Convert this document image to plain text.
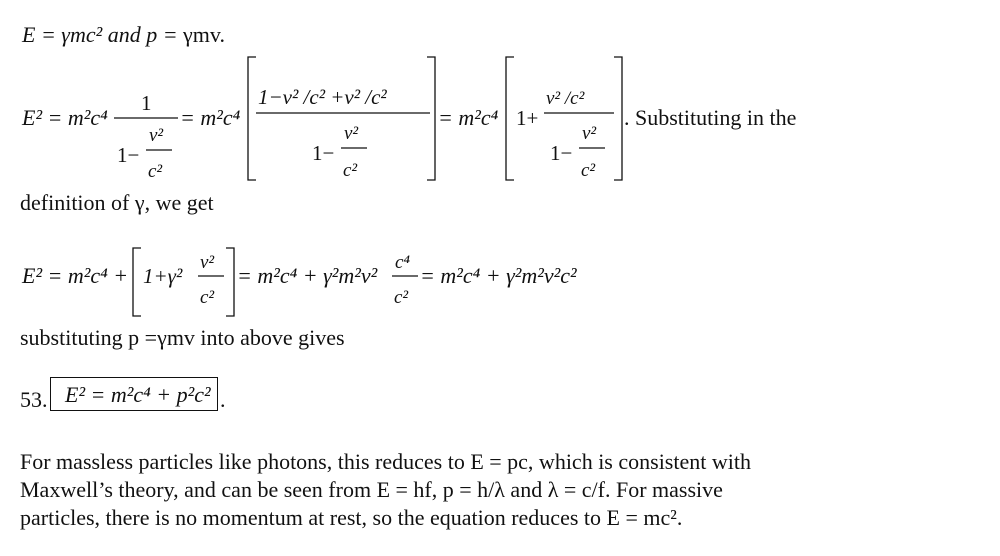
E = γmc² and p = γmv.
E² = m²c⁴
1
1−
v²
c²
= m²c⁴
1−v² /c² +v² /c²
1−
v²
c²
= m²c⁴ 1+
v² /c²
1−
v²
c²
. Substituting in the
definition of γ, we get
E² = m²c⁴ + 1+γ²
v²
c²
= m²c⁴ + γ²m²v²
c⁴
c²
= m²c⁴ + γ²m²v²c²
substituting p =γmv into above gives
53. E² = m²c⁴ + p²c² .
For massless particles like photons, this reduces to E = pc, which is consistent with
Maxwell’s theory, and can be seen from E = hf, p = h/λ and λ = c/f. For massive
particles, there is no momentum at rest, so the equation reduces to E = mc².
